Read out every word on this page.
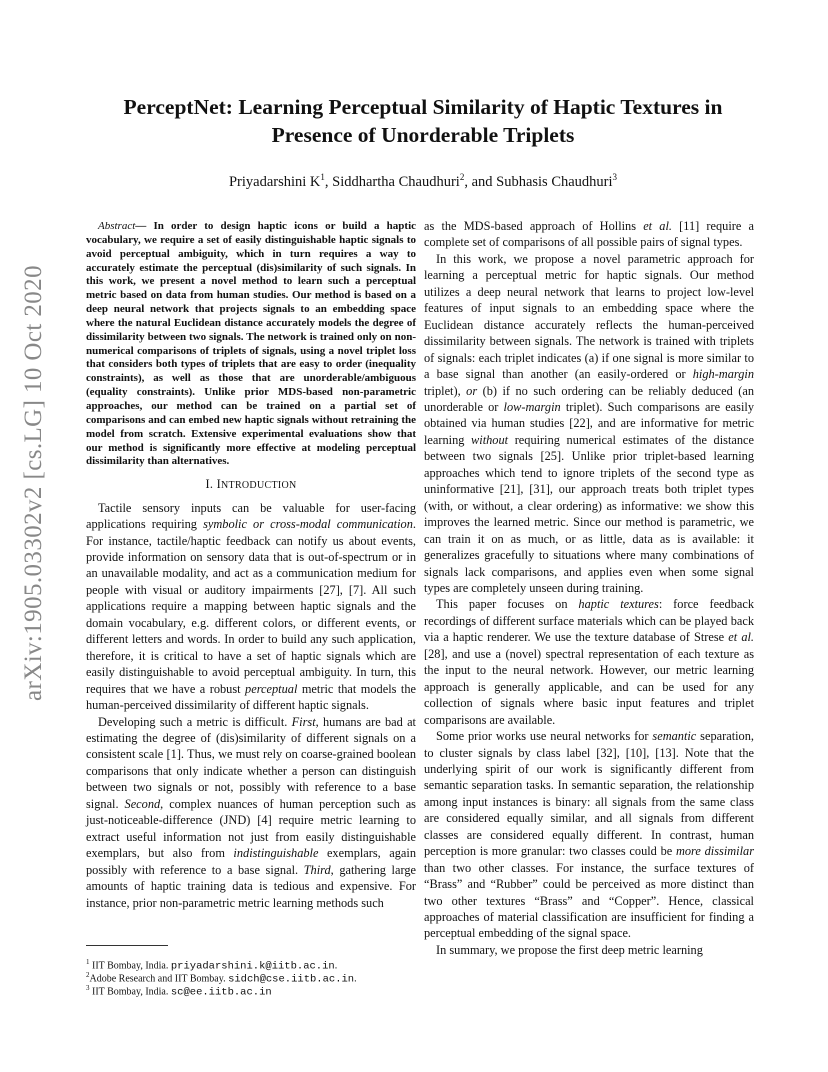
arXiv:1905.03302v2 [cs.LG] 10 Oct 2020
PerceptNet: Learning Perceptual Similarity of Haptic Textures in
Presence of Unorderable Triplets
Priyadarshini $K^1$, Siddhartha Chaudhuri$^2$, and Subhasis Chaudhuri$^3$

Abstract— In order to design haptic icons or build a haptic vocabulary, we require a set of easily distinguishable haptic signals to avoid perceptual ambiguity, which in turn requires a way to accurately estimate the perceptual (dis)similarity of such signals. In this work, we present a novel method to learn such a perceptual metric based on data from human studies. Our method is based on a deep neural network that projects signals to an embedding space where the natural Euclidean distance accurately models the degree of dissimilarity between two signals. The network is trained only on non-numerical comparisons of triplets of signals, using a novel triplet loss that considers both types of triplets that are easy to order (inequality constraints), as well as those that are unorderable/ambiguous (equality constraints). Unlike prior MDS-based non-parametric approaches, our method can be trained on a partial set of comparisons and can embed new haptic signals without retraining the model from scratch. Extensive experimental evaluations show that our method is significantly more effective at modeling perceptual dissimilarity than alternatives.

I. INTRODUCTION

Tactile sensory inputs can be valuable for user-facing applications requiring symbolic or cross-modal communication. For instance, tactile/haptic feedback can notify us about events, provide information on sensory data that is out-of-spectrum or in an unavailable modality, and act as a communication medium for people with visual or auditory impairments [27], [7]. All such applications require a mapping between haptic signals and the domain vocabulary, e.g. different colors, or different events, or different letters and words. In order to build any such application, therefore, it is critical to have a set of haptic signals which are easily distinguishable to avoid perceptual ambiguity. In turn, this requires that we have a robust perceptual metric that models the human-perceived dissimilarity of different haptic signals.

Developing such a metric is difficult. First, humans are bad at estimating the degree of (dis)similarity of different signals on a consistent scale [1]. Thus, we must rely on coarse-grained boolean comparisons that only indicate whether a person can distinguish between two signals or not, possibly with reference to a base signal. Second, complex nuances of human perception such as just-noticeable-difference (JND) [4] require metric learning to extract useful information not just from easily distinguishable exemplars, but also from indistinguishable exemplars, again possibly with reference to a base signal. Third, gathering large amounts of haptic training data is tedious and expensive. For instance, prior non-parametric metric learning methods such

$^1$ IIT Bombay, India. priyadarshini.k@iitb.ac.in.
$^2$Adobe Research and IIT Bombay. sidch@cse.iitb.ac.in.
$^3$ IIT Bombay, India. sc@ee.iitb.ac.in

as the MDS-based approach of Hollins et al. [11] require a complete set of comparisons of all possible pairs of signal types.

In this work, we propose a novel parametric approach for learning a perceptual metric for haptic signals. Our method utilizes a deep neural network that learns to project low-level features of input signals to an embedding space where the Euclidean distance accurately reflects the human-perceived dissimilarity between signals. The network is trained with triplets of signals: each triplet indicates (a) if one signal is more similar to a base signal than another (an easily-ordered or high-margin triplet), or (b) if no such ordering can be reliably deduced (an unorderable or low-margin triplet). Such comparisons are easily obtained via human studies [22], and are informative for metric learning without requiring numerical estimates of the distance between two signals [25]. Unlike prior triplet-based learning approaches which tend to ignore triplets of the second type as uninformative [21], [31], our approach treats both triplet types (with, or without, a clear ordering) as informative: we show this improves the learned metric. Since our method is parametric, we can train it on as much, or as little, data as is available: it generalizes gracefully to situations where many combinations of signals lack comparisons, and applies even when some signal types are completely unseen during training.

This paper focuses on haptic textures: force feedback recordings of different surface materials which can be played back via a haptic renderer. We use the texture database of Strese et al. [28], and use a (novel) spectral representation of each texture as the input to the neural network. However, our metric learning approach is generally applicable, and can be used for any collection of signals where basic input features and triplet comparisons are available.

Some prior works use neural networks for semantic separation, to cluster signals by class label [32], [10], [13]. Note that the underlying spirit of our work is significantly different from semantic separation tasks. In semantic separation, the relationship among input instances is binary: all signals from the same class are considered equally similar, and all signals from different classes are considered equally different. In contrast, human perception is more granular: two classes could be more dissimilar than two other classes. For instance, the surface textures of “Brass” and “Rubber” could be perceived as more distinct than two other textures “Brass” and “Copper”. Hence, classical approaches of material classification are insufficient for finding a perceptual embedding of the signal space.

In summary, we propose the first deep metric learning
